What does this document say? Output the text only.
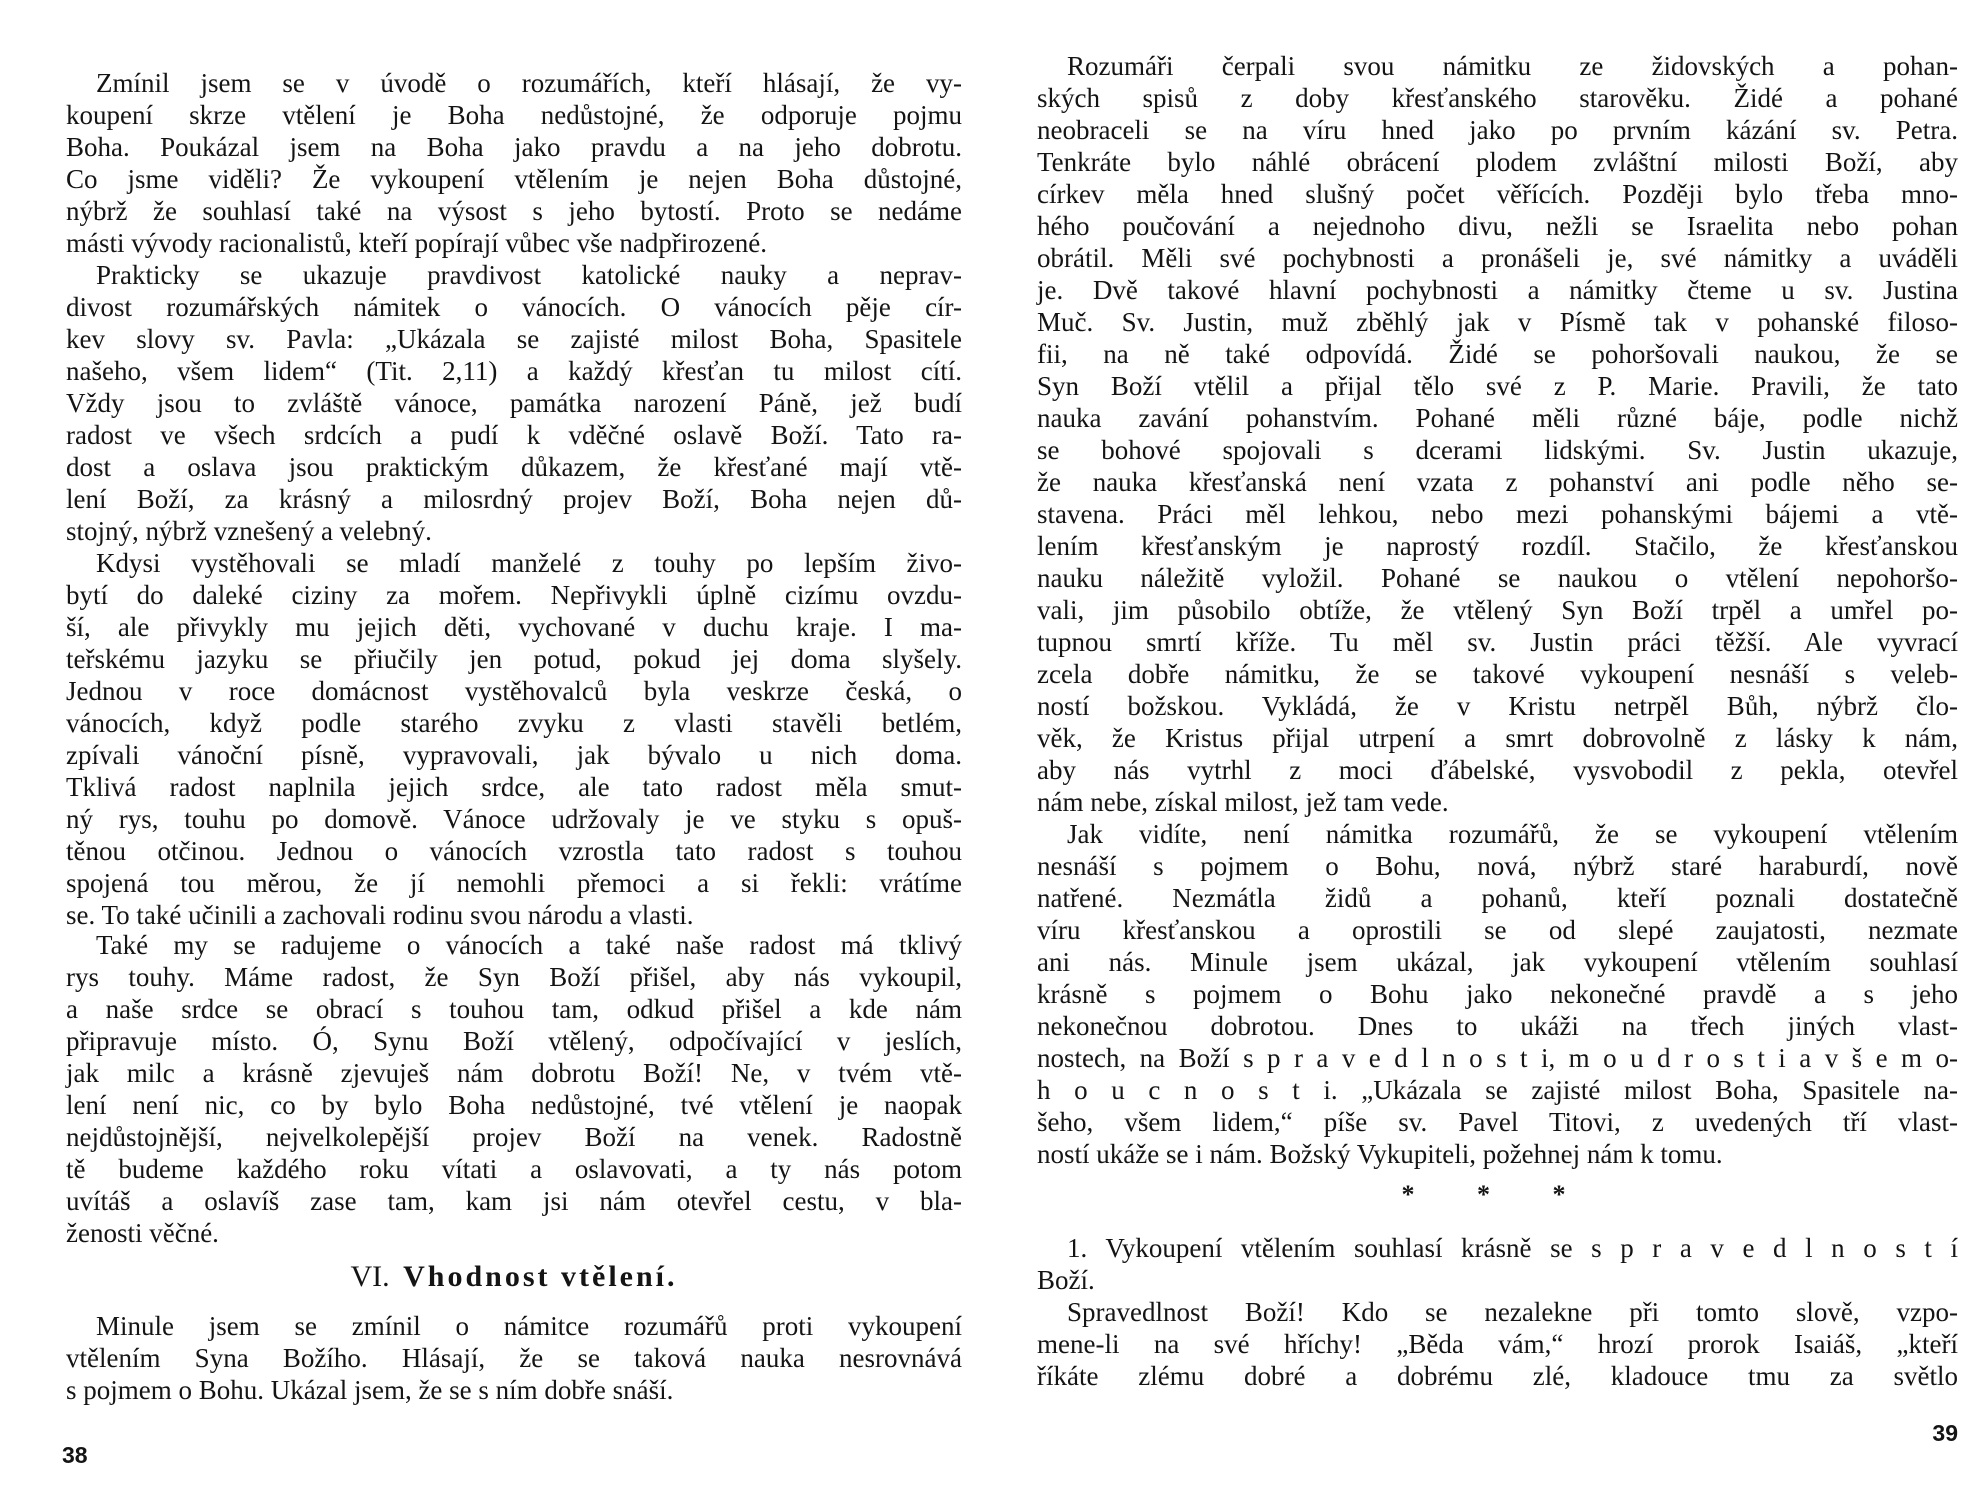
Zmínil jsem se v úvodě o rozumářích, kteří hlásají, že vy-
koupení skrze vtělení je Boha nedůstojné, že odporuje pojmu
Boha. Poukázal jsem na Boha jako pravdu a na jeho dobrotu.
Co jsme viděli? Že vykoupení vtělením je nejen Boha důstojné,
nýbrž že souhlasí také na výsost s jeho bytostí. Proto se nedáme
másti vývody racionalistů, kteří popírají vůbec vše nadpřirozené.
Prakticky se ukazuje pravdivost katolické nauky a neprav-
divost rozumářských námitek o vánocích. O vánocích pěje cír-
kev slovy sv. Pavla: „Ukázala se zajisté milost Boha, Spasitele
našeho, všem lidem“ (Tit. 2,11) a každý křesťan tu milost cítí.
Vždy jsou to zvláště vánoce, památka narození Páně, jež budí
radost ve všech srdcích a pudí k vděčné oslavě Boží. Tato ra-
dost a oslava jsou praktickým důkazem, že křesťané mají vtě-
lení Boží, za krásný a milosrdný projev Boží, Boha nejen dů-
stojný, nýbrž vznešený a velebný.
Kdysi vystěhovali se mladí manželé z touhy po lepším živo-
bytí do daleké ciziny za mořem. Nepřivykli úplně cizímu ovzdu-
ší, ale přivykly mu jejich děti, vychované v duchu kraje. I ma-
teřskému jazyku se přiučily jen potud, pokud jej doma slyšely.
Jednou v roce domácnost vystěhovalců byla veskrze česká, o
vánocích, když podle starého zvyku z vlasti stavěli betlém,
zpívali vánoční písně, vypravovali, jak bývalo u nich doma.
Tklivá radost naplnila jejich srdce, ale tato radost měla smut-
ný rys, touhu po domově. Vánoce udržovaly je ve styku s opuš-
těnou otčinou. Jednou o vánocích vzrostla tato radost s touhou
spojená tou měrou, že jí nemohli přemoci a si řekli: vrátíme
se. To také učinili a zachovali rodinu svou národu a vlasti.
Také my se radujeme o vánocích a také naše radost má tklivý
rys touhy. Máme radost, že Syn Boží přišel, aby nás vykoupil,
a naše srdce se obrací s touhou tam, odkud přišel a kde nám
připravuje místo. Ó, Synu Boží vtělený, odpočívající v jeslích,
jak milc a krásně zjevuješ nám dobrotu Boží! Ne, v tvém vtě-
lení není nic, co by bylo Boha nedůstojné, tvé vtělení je naopak
nejdůstojnější, nejvelkolepější projev Boží na venek. Radostně
tě budeme každého roku vítati a oslavovati, a ty nás potom
uvítáš a oslavíš zase tam, kam jsi nám otevřel cestu, v bla-
ženosti věčné.
VI. Vhodnost vtělení.
Minule jsem se zmínil o námitce rozumářů proti vykoupení
vtělením Syna Božího. Hlásají, že se taková nauka nesrovnává
s pojmem o Bohu. Ukázal jsem, že se s ním dobře snáší.
38
Rozumáři čerpali svou námitku ze židovských a pohan-
ských spisů z doby křesťanského starověku. Židé a pohané
neobraceli se na víru hned jako po prvním kázání sv. Petra.
Tenkráte bylo náhlé obrácení plodem zvláštní milosti Boží, aby
církev měla hned slušný počet věřících. Později bylo třeba mno-
hého poučování a nejednoho divu, nežli se Israelita nebo pohan
obrátil. Měli své pochybnosti a pronášeli je, své námitky a uváděli
je. Dvě takové hlavní pochybnosti a námitky čteme u sv. Justina
Muč. Sv. Justin, muž zběhlý jak v Písmě tak v pohanské filoso-
fii, na ně také odpovídá. Židé se pohoršovali naukou, že se
Syn Boží vtělil a přijal tělo své z P. Marie. Pravili, že tato
nauka zavání pohanstvím. Pohané měli různé báje, podle nichž
se bohové spojovali s dcerami lidskými. Sv. Justin ukazuje,
že nauka křesťanská není vzata z pohanství ani podle něho se-
stavena. Práci měl lehkou, nebo mezi pohanskými bájemi a vtě-
lením křesťanským je naprostý rozdíl. Stačilo, že křesťanskou
nauku náležitě vyložil. Pohané se naukou o vtělení nepohoršo-
vali, jim působilo obtíže, že vtělený Syn Boží trpěl a umřel po-
tupnou smrtí kříže. Tu měl sv. Justin práci těžší. Ale vyvrací
zcela dobře námitku, že se takové vykoupení nesnáší s veleb-
ností božskou. Vykládá, že v Kristu netrpěl Bůh, nýbrž člo-
věk, že Kristus přijal utrpení a smrt dobrovolně z lásky k nám,
aby nás vytrhl z moci ďábelské, vysvobodil z pekla, otevřel
nám nebe, získal milost, jež tam vede.
Jak vidíte, není námitka rozumářů, že se vykoupení vtělením
nesnáší s pojmem o Bohu, nová, nýbrž staré haraburdí, nově
natřené. Nezmátla židů a pohanů, kteří poznali dostatečně
víru křesťanskou a oprostili se od slepé zaujatosti, nezmate
ani nás. Minule jsem ukázal, jak vykoupení vtělením souhlasí
krásně s pojmem o Bohu jako nekonečné pravdě a s jeho
nekonečnou dobrotou. Dnes to ukáži na třech jiných vlast-
nostech, na Boží s p r a v e d l n o s t i, m o u d r o s t i a v š e m o-
h o u c n o s t i. „Ukázala se zajisté milost Boha, Spasitele na-
šeho, všem lidem,“ píše sv. Pavel Titovi, z uvedených tří vlast-
ností ukáže se i nám. Božský Vykupiteli, požehnej nám k tomu.
* * *
1. Vykoupení vtělením souhlasí krásně se s p r a v e d l n o s t í
Boží.
Spravedlnost Boží! Kdo se nezalekne při tomto slově, vzpo-
mene-li na své hříchy! „Běda vám,“ hrozí prorok Isaiáš, „kteří
říkáte zlému dobré a dobrému zlé, kladouce tmu za světlo
39
